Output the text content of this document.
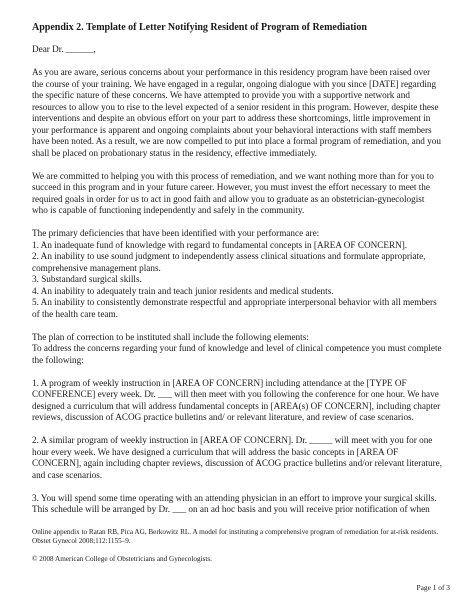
Appendix 2. Template of Letter Notifying Resident of Program of Remediation

Dear Dr. ______,

As you are aware, serious concerns about your performance in this residency program have been raised over the course of your training. We have engaged in a regular, ongoing dialogue with you since [DATE] regarding the specific nature of these concerns. We have attempted to provide you with a supportive network and resources to allow you to rise to the level expected of a senior resident in this program. However, despite these interventions and despite an obvious effort on your part to address these shortcomings, little improvement in your performance is apparent and ongoing complaints about your behavioral interactions with staff members have been noted. As a result, we are now compelled to put into place a formal program of remediation, and you shall be placed on probationary status in the residency, effective immediately.

We are committed to helping you with this process of remediation, and we want nothing more than for you to succeed in this program and in your future career. However, you must invest the effort necessary to meet the required goals in order for us to act in good faith and allow you to graduate as an obstetrician-gynecologist who is capable of functioning independently and safely in the community.

The primary deficiencies that have been identified with your performance are:

1. An inadequate fund of knowledge with regard to fundamental concepts in [AREA OF CONCERN].

2. An inability to use sound judgment to independently assess clinical situations and formulate appropriate, comprehensive management plans.

3. Substandard surgical skills.

4. An inability to adequately train and teach junior residents and medical students.

5. An inability to consistently demonstrate respectful and appropriate interpersonal behavior with all members of the health care team.

The plan of correction to be instituted shall include the following elements:

To address the concerns regarding your fund of knowledge and level of clinical competence you must complete the following:

1. A program of weekly instruction in [AREA OF CONCERN] including attendance at the [TYPE OF CONFERENCE] every week. Dr. ___ will then meet with you following the conference for one hour. We have designed a curriculum that will address fundamental concepts in [AREA(s) OF CONCERN], including chapter reviews, discussion of ACOG practice bulletins and/ or relevant literature, and review of case scenarios.

2. A similar program of weekly instruction in [AREA OF CONCERN]. Dr. _____ will meet with you for one hour every week. We have designed a curriculum that will address the basic concepts in [AREA OF CONCERN], again including chapter reviews, discussion of ACOG practice bulletins and/or relevant literature, and case scenarios.

3. You will spend some time operating with an attending physician in an effort to improve your surgical skills. This schedule will be arranged by Dr. ___ on an ad hoc basis and you will receive prior notification of when

Online appendix to Ratan RB, Pica AG, Berkowitz RL. A model for instituting a comprehensive program of remediation for at-risk residents. Obstet Gynecol 2008;112:1155–9.

© 2008 American College of Obstetricians and Gynecologists.

Page 1 of 3
